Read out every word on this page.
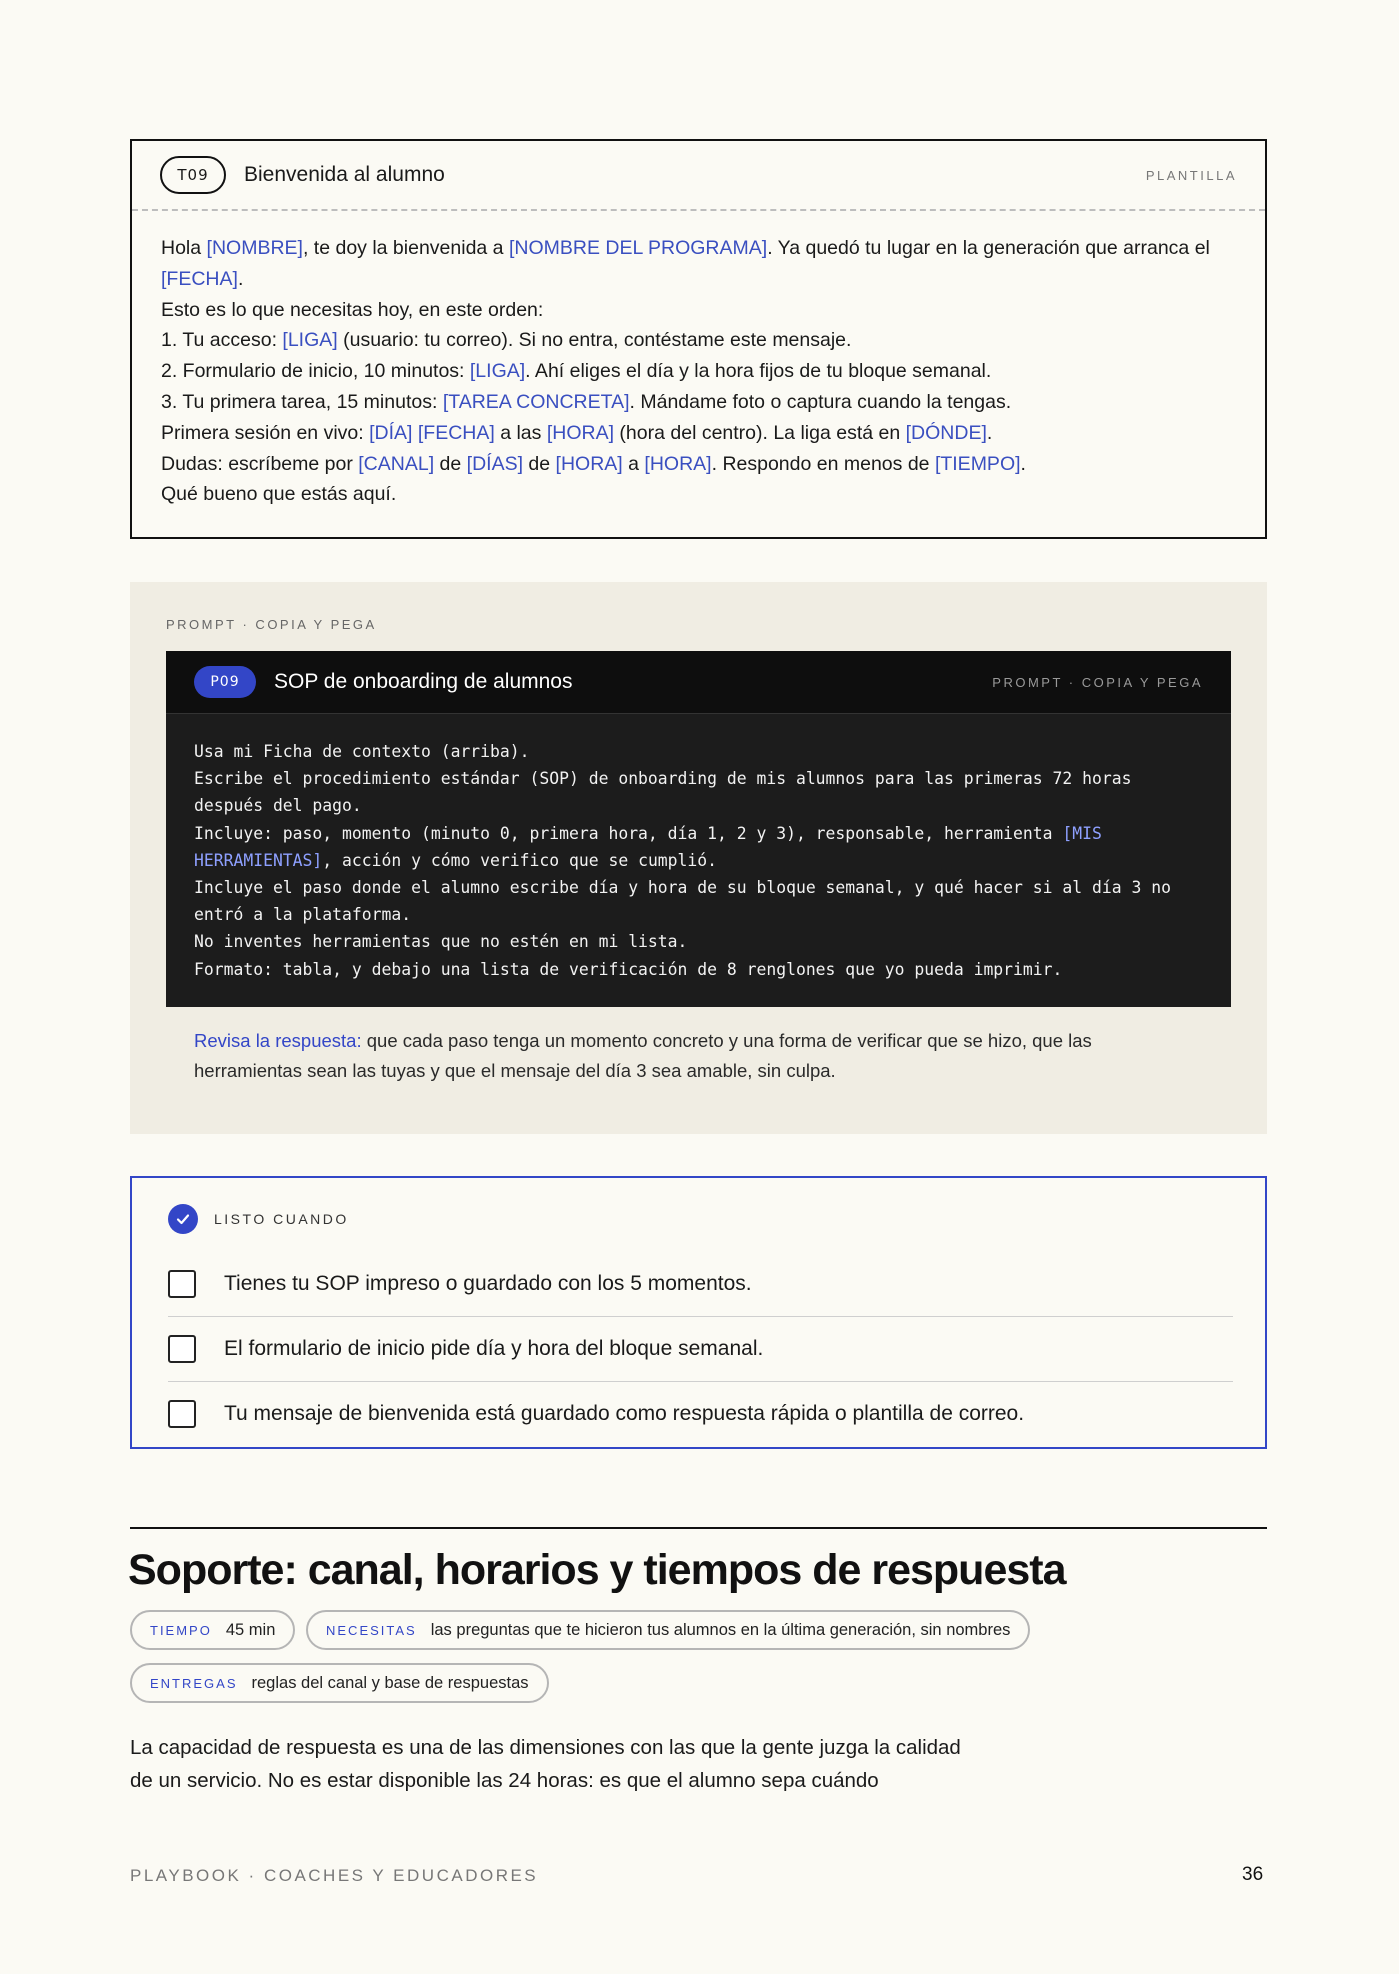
T09	Bienvenida al alumno	PLANTILLA
Hola [NOMBRE], te doy la bienvenida a [NOMBRE DEL PROGRAMA]. Ya quedó tu lugar en la generación que arranca el [FECHA].
Esto es lo que necesitas hoy, en este orden:
1. Tu acceso: [LIGA] (usuario: tu correo). Si no entra, contéstame este mensaje.
2. Formulario de inicio, 10 minutos: [LIGA]. Ahí eliges el día y la hora fijos de tu bloque semanal.
3. Tu primera tarea, 15 minutos: [TAREA CONCRETA]. Mándame foto o captura cuando la tengas.
Primera sesión en vivo: [DÍA] [FECHA] a las [HORA] (hora del centro). La liga está en [DÓNDE].
Dudas: escríbeme por [CANAL] de [DÍAS] de [HORA] a [HORA]. Respondo en menos de [TIEMPO].
Qué bueno que estás aquí.
PROMPT · COPIA Y PEGA
P09	SOP de onboarding de alumnos	PROMPT · COPIA Y PEGA
Usa mi Ficha de contexto (arriba).
Escribe el procedimiento estándar (SOP) de onboarding de mis alumnos para las primeras 72 horas después del pago.
Incluye: paso, momento (minuto 0, primera hora, día 1, 2 y 3), responsable, herramienta [MIS HERRAMIENTAS], acción y cómo verifico que se cumplió.
Incluye el paso donde el alumno escribe día y hora de su bloque semanal, y qué hacer si al día 3 no entró a la plataforma.
No inventes herramientas que no estén en mi lista.
Formato: tabla, y debajo una lista de verificación de 8 renglones que yo pueda imprimir.
Revisa la respuesta: que cada paso tenga un momento concreto y una forma de verificar que se hizo, que las herramientas sean las tuyas y que el mensaje del día 3 sea amable, sin culpa.
LISTO CUANDO
Tienes tu SOP impreso o guardado con los 5 momentos.
El formulario de inicio pide día y hora del bloque semanal.
Tu mensaje de bienvenida está guardado como respuesta rápida o plantilla de correo.
Soporte: canal, horarios y tiempos de respuesta
TIEMPO 45 min	NECESITAS las preguntas que te hicieron tus alumnos en la última generación, sin nombres
ENTREGAS reglas del canal y base de respuestas

La capacidad de respuesta es una de las dimensiones con las que la gente juzga la calidad de un servicio. No es estar disponible las 24 horas: es que el alumno sepa cuándo

PLAYBOOK · COACHES Y EDUCADORES	36
